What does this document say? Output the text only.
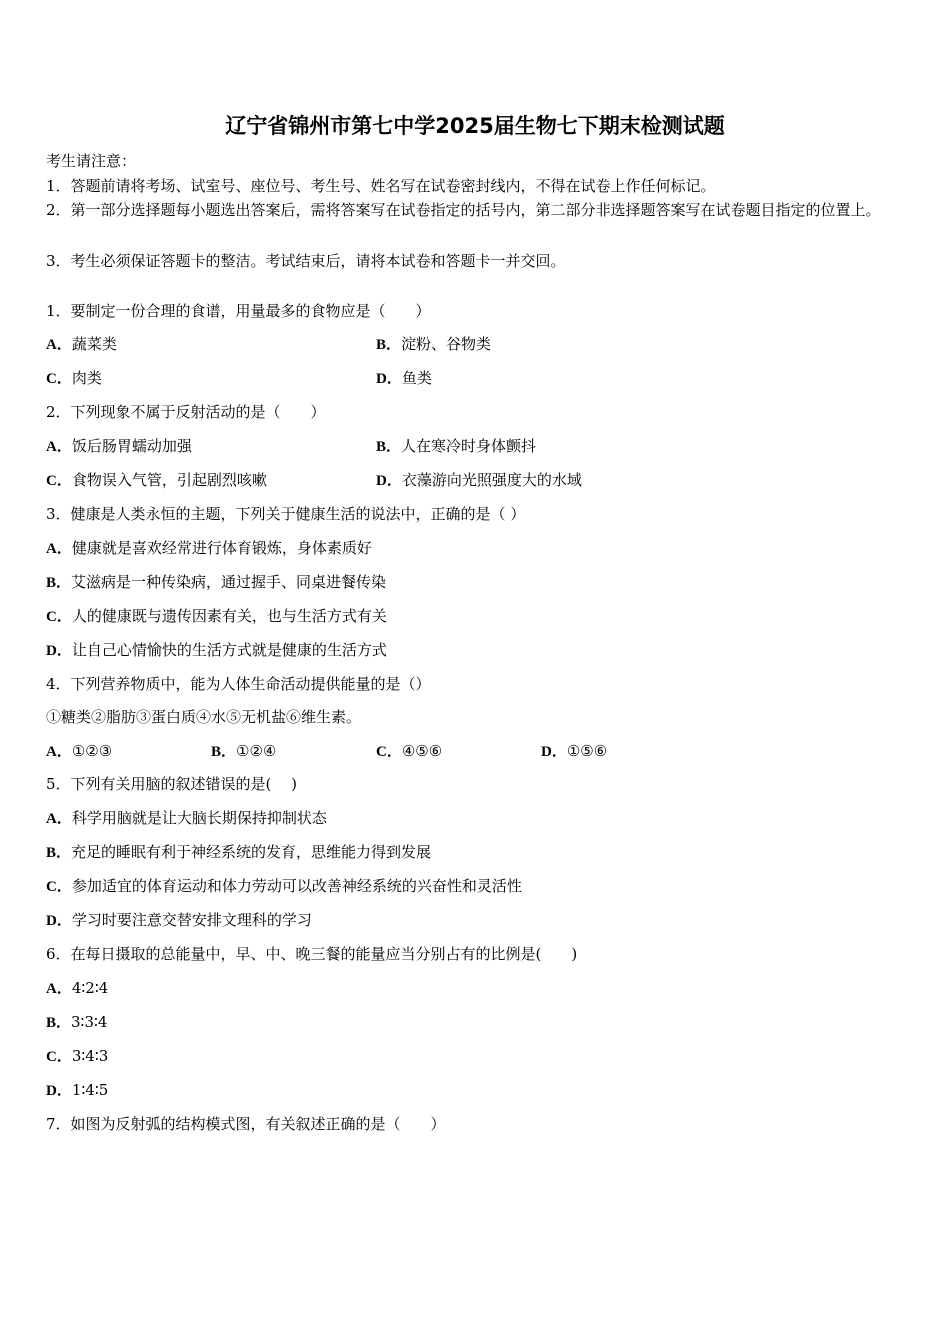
辽宁省锦州市第七中学2025届生物七下期末检测试题
考生请注意：
1．答题前请将考场、试室号、座位号、考生号、姓名写在试卷密封线内，不得在试卷上作任何标记。
2．第一部分选择题每小题选出答案后，需将答案写在试卷指定的括号内，第二部分非选择题答案写在试卷题目指定的位置上。
3．考生必须保证答题卡的整洁。考试结束后，请将本试卷和答题卡一并交回。
1．要制定一份合理的食谱，用量最多的食物应是（　　）
A．蔬菜类	B．淀粉、谷物类
C．肉类	D．鱼类
2．下列现象不属于反射活动的是（　　）
A．饭后肠胃蠕动加强	B．人在寒冷时身体颤抖
C．食物误入气管，引起剧烈咳嗽	D．衣藻游向光照强度大的水域
3．健康是人类永恒的主题，下列关于健康生活的说法中，正确的是（ ）
A．健康就是喜欢经常进行体育锻炼，身体素质好
B．艾滋病是一种传染病，通过握手、同桌进餐传染
C．人的健康既与遗传因素有关，也与生活方式有关
D．让自己心情愉快的生活方式就是健康的生活方式
4．下列营养物质中，能为人体生命活动提供能量的是（）
①糖类②脂肪③蛋白质④水⑤无机盐⑥维生素。
A．①②③	B．①②④	C．④⑤⑥	D．①⑤⑥
5．下列有关用脑的叙述错误的是(　 )
A．科学用脑就是让大脑长期保持抑制状态
B．充足的睡眠有利于神经系统的发育，思维能力得到发展
C．参加适宜的体育运动和体力劳动可以改善神经系统的兴奋性和灵活性
D．学习时要注意交替安排文理科的学习
6．在每日摄取的总能量中，早、中、晚三餐的能量应当分别占有的比例是(　　)
A．4∶2∶4
B．3∶3∶4
C．3∶4∶3
D．1∶4∶5
7．如图为反射弧的结构模式图，有关叙述正确的是（　　）
